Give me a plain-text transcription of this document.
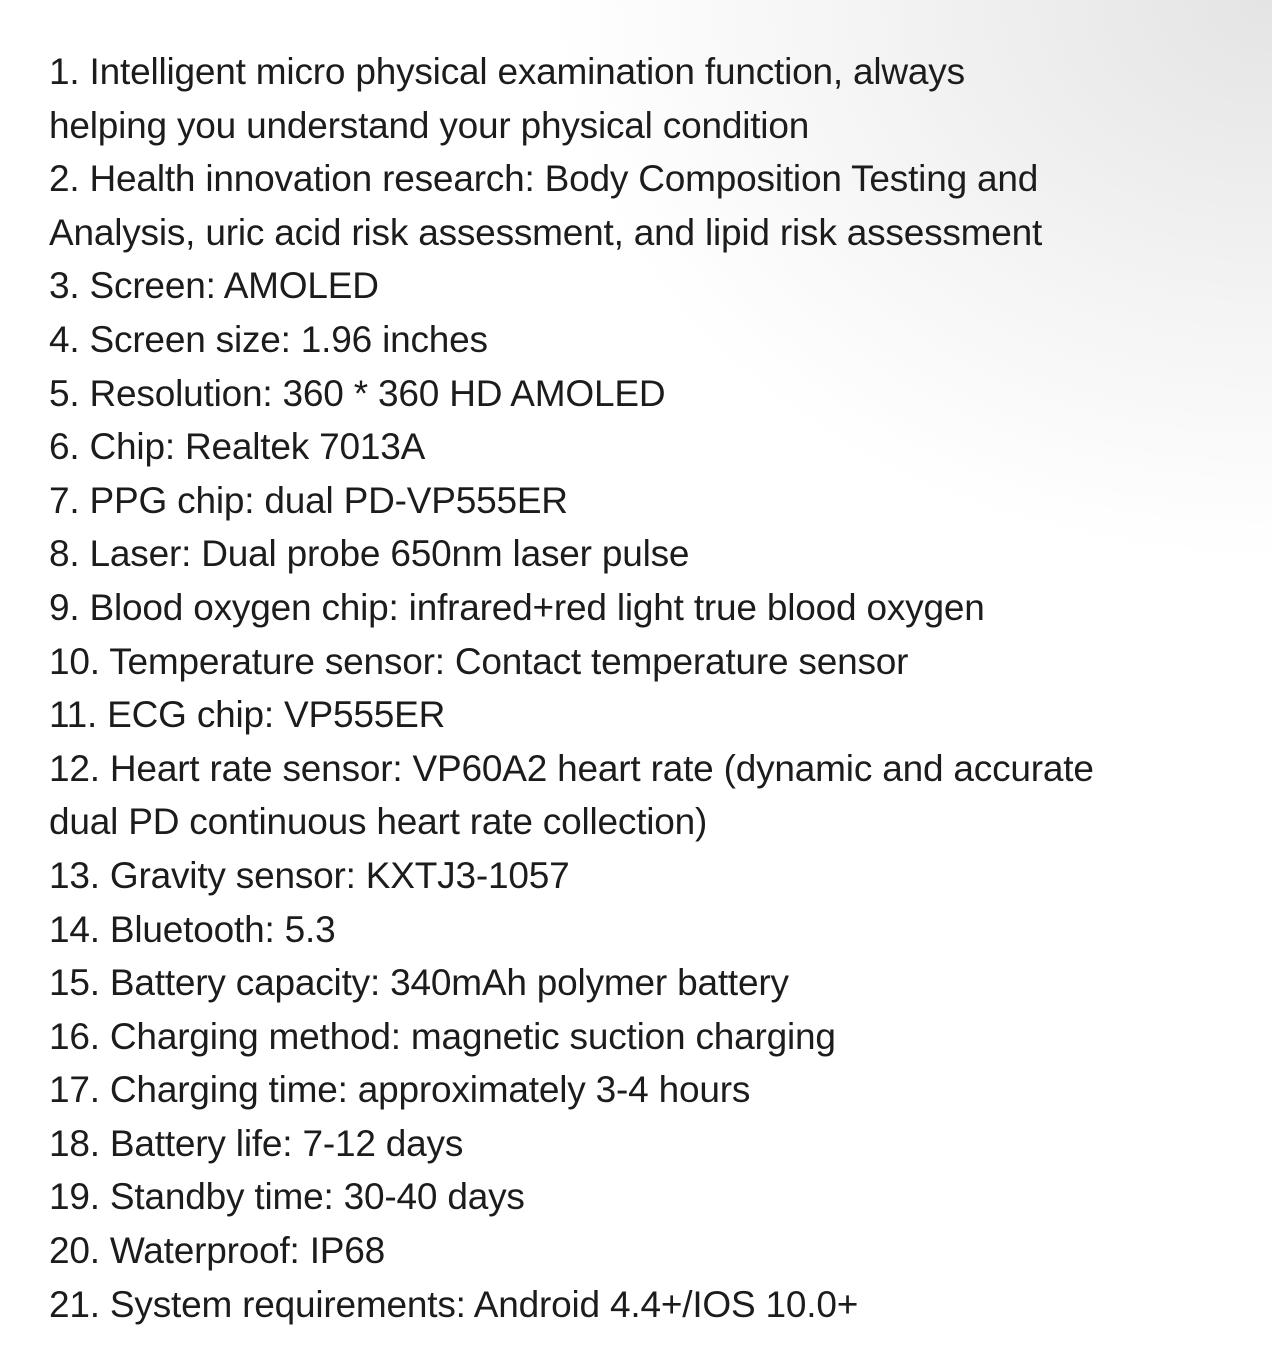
1. Intelligent micro physical examination function, always
helping you understand your physical condition
2. Health innovation research: Body Composition Testing and
Analysis, uric acid risk assessment, and lipid risk assessment
3. Screen: AMOLED
4. Screen size: 1.96 inches
5. Resolution: 360 * 360 HD AMOLED
6. Chip: Realtek 7013A
7. PPG chip: dual PD-VP555ER
8. Laser: Dual probe 650nm laser pulse
9. Blood oxygen chip: infrared+red light true blood oxygen
10. Temperature sensor: Contact temperature sensor
11. ECG chip: VP555ER
12. Heart rate sensor: VP60A2 heart rate (dynamic and accurate
dual PD continuous heart rate collection)
13. Gravity sensor: KXTJ3-1057
14. Bluetooth: 5.3
15. Battery capacity: 340mAh polymer battery
16. Charging method: magnetic suction charging
17. Charging time: approximately 3-4 hours
18. Battery life: 7-12 days
19. Standby time: 30-40 days
20. Waterproof: IP68
21. System requirements: Android 4.4+/IOS 10.0+
